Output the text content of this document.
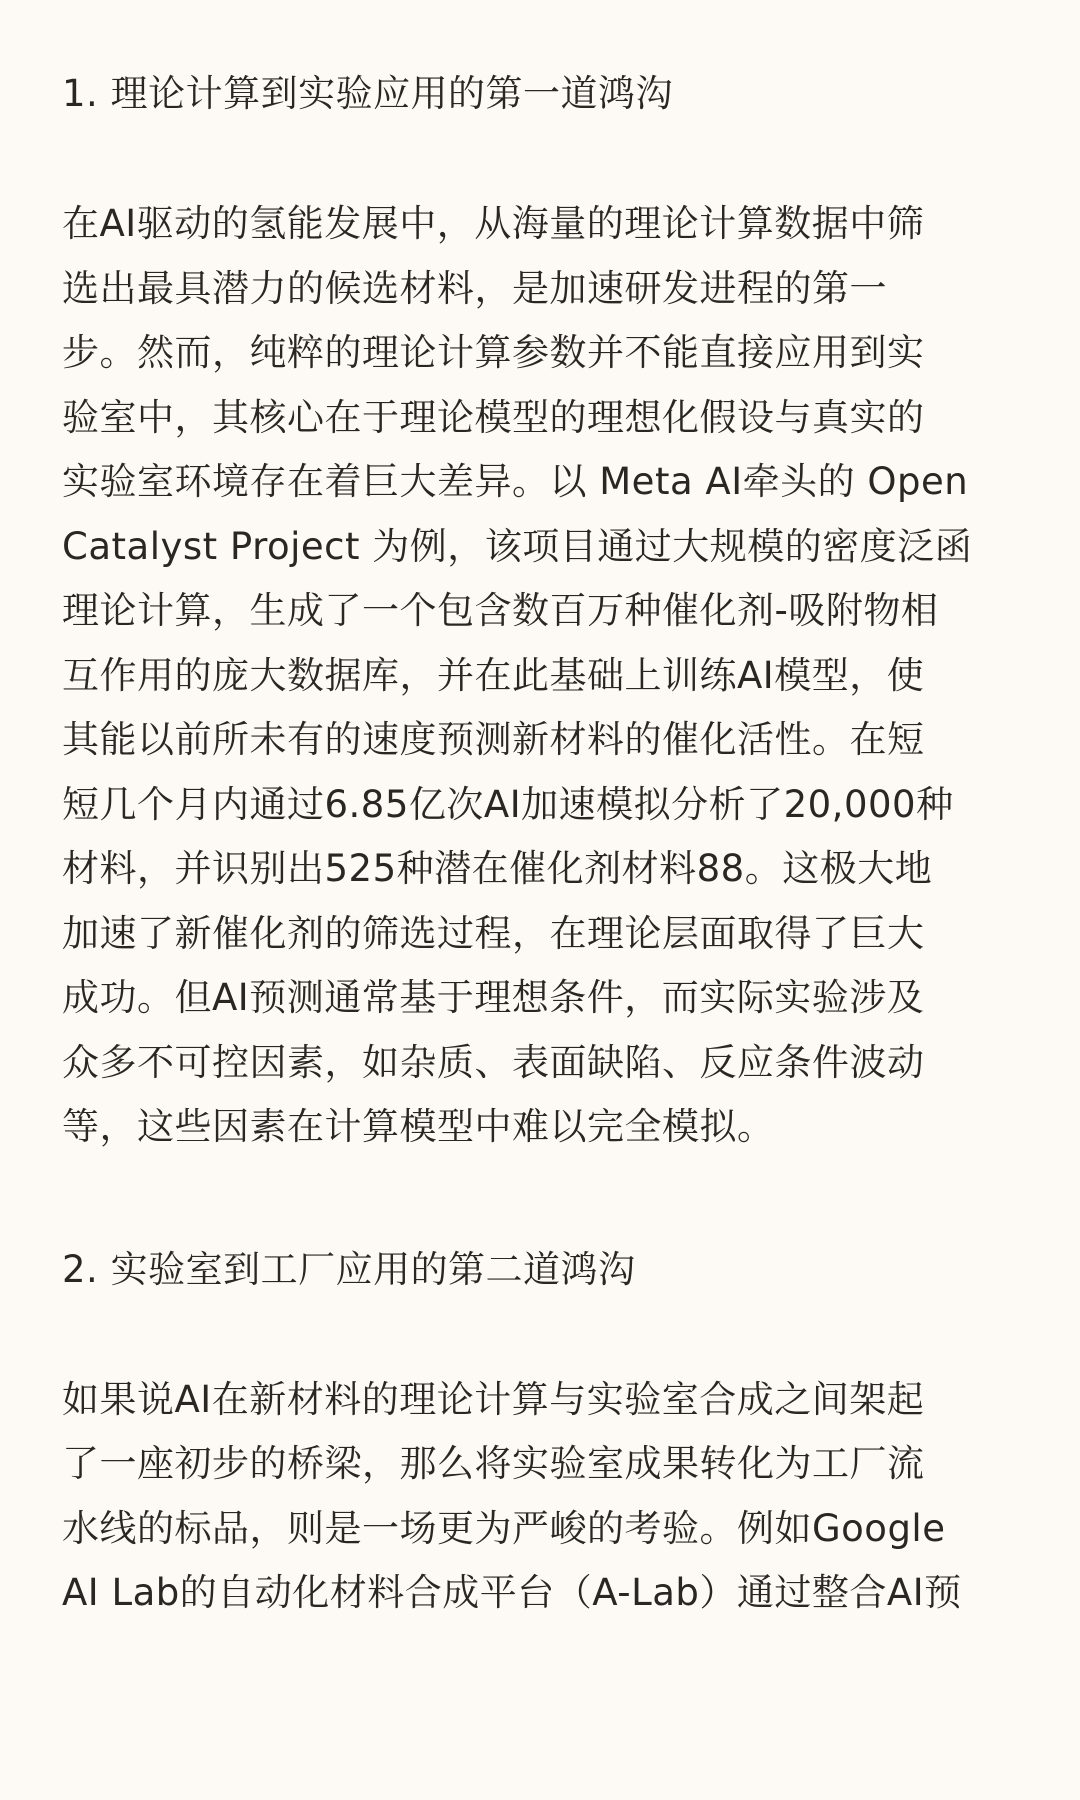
1. 理论计算到实验应用的第一道鸿沟
在AI驱动的氢能发展中，从海量的理论计算数据中筛
选出最具潜力的候选材料，是加速研发进程的第一
步。然而，纯粹的理论计算参数并不能直接应用到实
验室中，其核心在于理论模型的理想化假设与真实的
实验室环境存在着巨大差异。以 Meta AI牵头的 Open
Catalyst Project 为例，该项目通过大规模的密度泛函
理论计算，生成了一个包含数百万种催化剂-吸附物相
互作用的庞大数据库，并在此基础上训练AI模型，使
其能以前所未有的速度预测新材料的催化活性。在短
短几个月内通过6.85亿次AI加速模拟分析了20,000种
材料，并识别出525种潜在催化剂材料88。这极大地
加速了新催化剂的筛选过程，在理论层面取得了巨大
成功。但AI预测通常基于理想条件，而实际实验涉及
众多不可控因素，如杂质、表面缺陷、反应条件波动
等，这些因素在计算模型中难以完全模拟。
2. 实验室到工厂应用的第二道鸿沟
如果说AI在新材料的理论计算与实验室合成之间架起
了一座初步的桥梁，那么将实验室成果转化为工厂流
水线的标品，则是一场更为严峻的考验。例如Google
AI Lab的自动化材料合成平台（A-Lab）通过整合AI预
